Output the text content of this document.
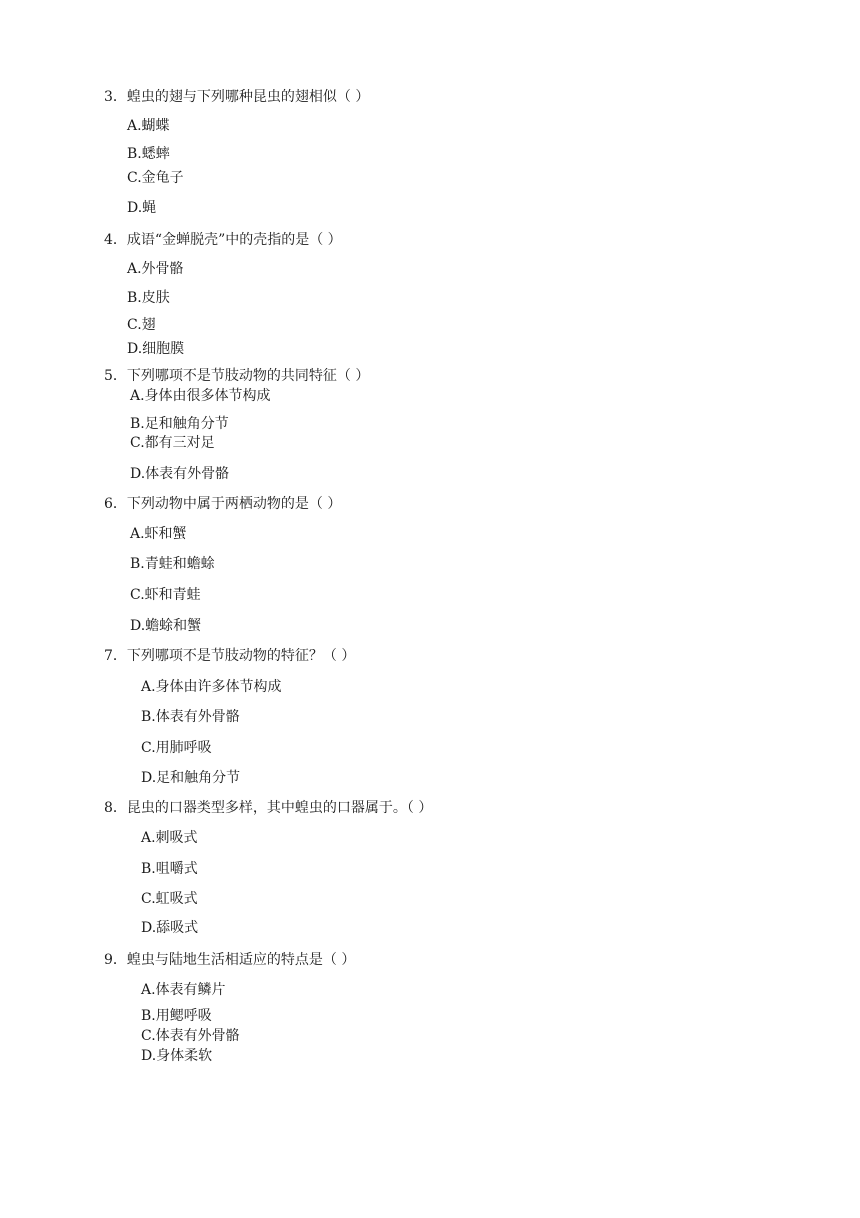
3．蝗虫的翅与下列哪种昆虫的翅相似（ ）
A.蝴蝶
B.蟋蟀
C.金龟子
D.蝇
4．成语“金蝉脱壳”中的壳指的是（ ）
A.外骨骼
B.皮肤
C.翅
D.细胞膜
5．下列哪项不是节肢动物的共同特征（ ）
A.身体由很多体节构成
B.足和触角分节
C.都有三对足
D.体表有外骨骼
6．下列动物中属于两栖动物的是（ ）
A.虾和蟹
B.青蛙和蟾蜍
C.虾和青蛙
D.蟾蜍和蟹
7．下列哪项不是节肢动物的特征？（ ）
A.身体由许多体节构成
B.体表有外骨骼
C.用肺呼吸
D.足和触角分节
8．昆虫的口器类型多样，其中蝗虫的口器属于。（ ）
A.刺吸式
B.咀嚼式
C.虹吸式
D.舔吸式
9．蝗虫与陆地生活相适应的特点是（ ）
A.体表有鳞片
B.用鳃呼吸
C.体表有外骨骼
D.身体柔软
